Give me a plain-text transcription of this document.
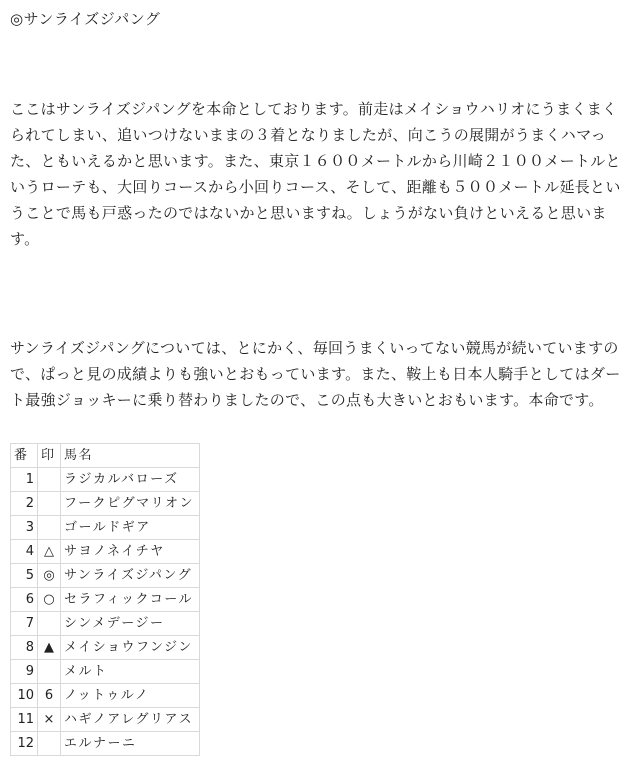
◎サンライズジパング

ここはサンライズジパングを本命としております。前走はメイショウハリオにうまくまくられてしまい、追いつけないままの３着となりましたが、向こうの展開がうまくハマった、ともいえるかと思います。また、東京１６００メートルから川崎２１００メートルというローテも、大回りコースから小回りコース、そして、距離も５００メートル延長ということで馬も戸惑ったのではないかと思いますね。しょうがない負けといえると思います。

サンライズジパングについては、とにかく、毎回うまくいってない競馬が続いていますので、ぱっと見の成績よりも強いとおもっています。また、鞍上も日本人騎手としてはダート最強ジョッキーに乗り替わりましたので、この点も大きいとおもいます。本命です。

番	印	馬名
1		ラジカルバローズ
2		フークピグマリオン
3		ゴールドギア
4	△	サヨノネイチヤ
5	◎	サンライズジパング
6	○	セラフィックコール
7		シンメデージー
8	▲	メイショウフンジン
9		メルト
10	6	ノットゥルノ
11	×	ハギノアレグリアス
12		エルナーニ
